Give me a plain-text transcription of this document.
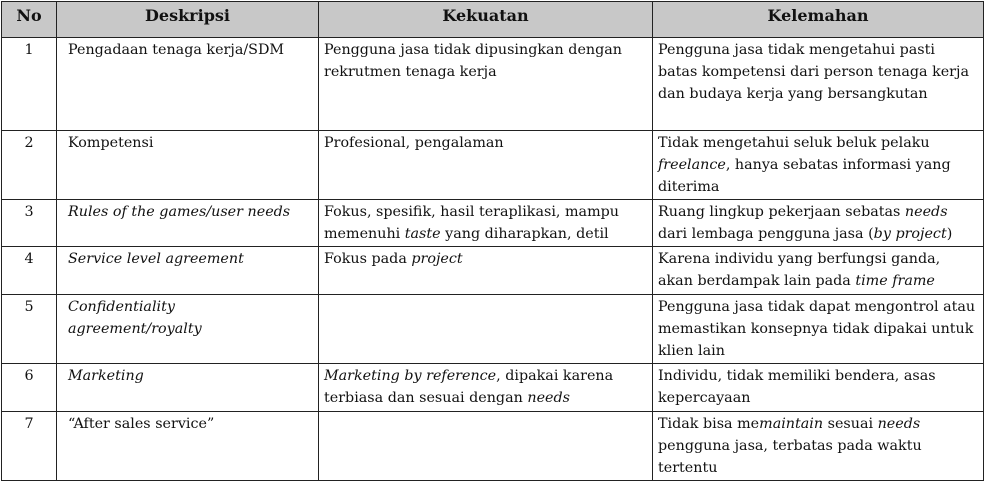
No	Deskripsi	Kekuatan	Kelemahan
1	Pengadaan tenaga kerja/SDM	Pengguna jasa tidak dipusingkan dengan rekrutmen tenaga kerja	Pengguna jasa tidak mengetahui pasti batas kompetensi dari person tenaga kerja dan budaya kerja yang bersangkutan
2	Kompetensi	Profesional, pengalaman	Tidak mengetahui seluk beluk pelaku freelance, hanya sebatas informasi yang diterima
3	Rules of the games/user needs	Fokus, spesifik, hasil teraplikasi, mampu memenuhi taste yang diharapkan, detil	Ruang lingkup pekerjaan sebatas needs dari lembaga pengguna jasa (by project)
4	Service level agreement	Fokus pada project	Karena individu yang berfungsi ganda, akan berdampak lain pada time frame
5	Confidentiality agreement/royalty		Pengguna jasa tidak dapat mengontrol atau memastikan konsepnya tidak dipakai untuk klien lain
6	Marketing	Marketing by reference, dipakai karena terbiasa dan sesuai dengan needs	Individu, tidak memiliki bendera, asas kepercayaan
7	“After sales service”		Tidak bisa memaintain sesuai needs pengguna jasa, terbatas pada waktu tertentu
